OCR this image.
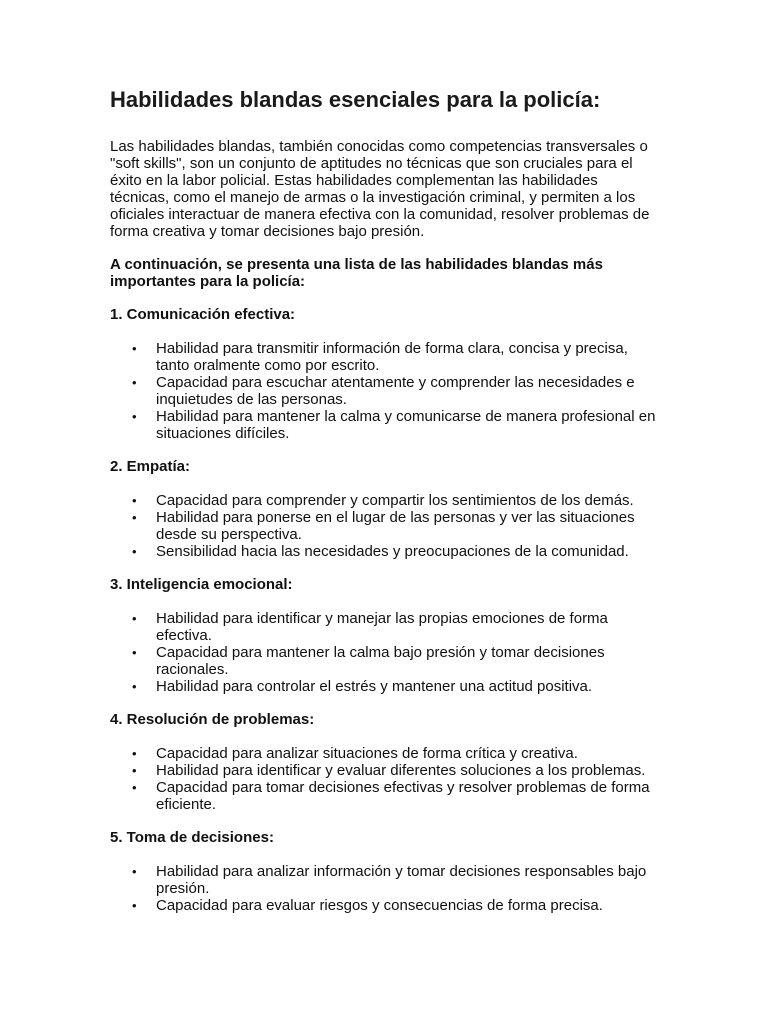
Habilidades blandas esenciales para la policía:

Las habilidades blandas, también conocidas como competencias transversales o "soft skills", son un conjunto de aptitudes no técnicas que son cruciales para el éxito en la labor policial. Estas habilidades complementan las habilidades técnicas, como el manejo de armas o la investigación criminal, y permiten a los oficiales interactuar de manera efectiva con la comunidad, resolver problemas de forma creativa y tomar decisiones bajo presión.

A continuación, se presenta una lista de las habilidades blandas más importantes para la policía:

1. Comunicación efectiva:
• Habilidad para transmitir información de forma clara, concisa y precisa, tanto oralmente como por escrito.
• Capacidad para escuchar atentamente y comprender las necesidades e inquietudes de las personas.
• Habilidad para mantener la calma y comunicarse de manera profesional en situaciones difíciles.
2. Empatía:
• Capacidad para comprender y compartir los sentimientos de los demás.
• Habilidad para ponerse en el lugar de las personas y ver las situaciones desde su perspectiva.
• Sensibilidad hacia las necesidades y preocupaciones de la comunidad.
3. Inteligencia emocional:
• Habilidad para identificar y manejar las propias emociones de forma efectiva.
• Capacidad para mantener la calma bajo presión y tomar decisiones racionales.
• Habilidad para controlar el estrés y mantener una actitud positiva.
4. Resolución de problemas:
• Capacidad para analizar situaciones de forma crítica y creativa.
• Habilidad para identificar y evaluar diferentes soluciones a los problemas.
• Capacidad para tomar decisiones efectivas y resolver problemas de forma eficiente.
5. Toma de decisiones:
• Habilidad para analizar información y tomar decisiones responsables bajo presión.
• Capacidad para evaluar riesgos y consecuencias de forma precisa.
